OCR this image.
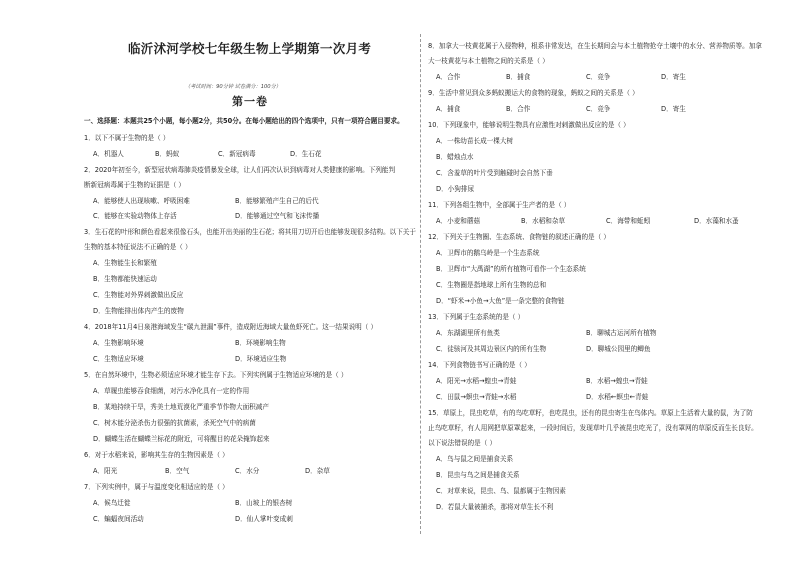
临沂沭河学校七年级生物上学期第一次月考
（考试时间：90分钟 试卷满分：100分）
第一卷
一、选择题：本题共25个小题，每小题2分，共50分。在每小题给出的四个选项中，只有一项符合题目要求。
1．以下不属于生物的是（ ）
A．机器人	B．蚂蚁	C．新冠病毒	D．生石花
2．2020年初至今，新型冠状病毒肺炎疫情暴发全球，让人们再次认识到病毒对人类健康的影响。下列能判
断新冠病毒属于生物的证据是（ ）
A．能够使人出现咳嗽、呼吸困难	B．能够繁殖产生自己的后代
C．能够在实验动物体上存活	D．能够通过空气和飞沫传播
3．生石花的叶形和颜色看起来很像石头，也能开出美丽的生石花；将其用刀切开后也能够发现很多结构。以下关于
生物的基本特征说法不正确的是（ ）
A．生物能生长和繁殖
B．生物都能快速运动
C．生物能对外界刺激做出反应
D．生物能排出体内产生的废物
4．2018年11月4日泉港海域发生“碳九泄漏”事件，造成附近海域大量鱼虾死亡。这一结果说明（ ）
A．生物影响环境	B．环境影响生物
C．生物适应环境	D．环境适应生物
5．在自然环境中，生物必须适应环境才能生存下去。下列实例属于生物适应环境的是（ ）
A．草履虫能够吞食细菌，对污水净化具有一定的作用
B．某地持续干旱，秀美土地荒漠化严重季节作物大面积减产
C．树木能分泌杀伤力很强的抗菌素，杀死空气中的病菌
D．蝴蝶生活在蝴蝶兰标花的附近，可将醒目的花朵掩饰起来
6．对于水稻来说，影响其生存的生物因素是（ ）
A．阳光	B．空气	C．水分	D．杂草
7．下列实例中，属于与温度变化相适应的是（ ）
A．候鸟迁徙	B．山坡上的银杏树
C．蝙蝠夜间活动	D．仙人掌叶变成刺
8．加拿大一枝黄花属于入侵物种，根系非常发达，在生长期间会与本土植物抢夺土壤中的水分、营养物质等。加拿
大一枝黄花与本土植物之间的关系是（ ）
A．合作	B．捕食	C．竞争	D．寄生
9．生活中常见到众多蚂蚁搬运大的食物的现象，蚂蚁之间的关系是（ ）
A．捕食	B．合作	C．竞争	D．寄生
10．下列现象中，能够说明生物具有应激性对刺激做出反应的是（ ）
A．一株幼苗长成一棵大树
B．蜡烛点水
C．含羞草的叶片受到触碰时会自然下垂
D．小狗排尿
11．下列各组生物中，全部属于生产者的是（ ）
A．小麦和蘑菇	B．水稻和杂草	C．海带和蚯蚓	D．水藻和水蚤
12．下列关于生物圈、生态系统、食物链的叙述正确的是（ ）
A．卫辉市的鹅乌岭是一个生态系统
B．卫辉市“大禹湖”的所有植物可看作一个生态系统
C．生物圈是指地球上所有生物的总和
D．“虾米→小鱼→大鱼”是一条完整的食物链
13．下列属于生态系统的是（ ）
A．东湖湖里所有鱼类	B．聊城古运河所有植物
C．徒骇河及其周边景区内的所有生物	D．聊城公园里的鲫鱼
14．下列食物链书写正确的是（ ）
A．阳光→水稻→蝗虫→青蛙	B．水稻→蝗虫→青蛙
C．田鼠→螟虫→青蛙→水稻	D．水稻←螟虫←青蛙
15．草原上，昆虫吃草，有的鸟吃草籽，也吃昆虫，还有的昆虫寄生在鸟体内。草原上生活着大量的鼠，为了防
止鸟吃草籽，有人用网把草原罩起来，一段时间后，发现草叶几乎被昆虫吃光了，没有罩网的草原反而生长良好。
以下说法错误的是（ ）
A．鸟与鼠之间是捕食关系
B．昆虫与鸟之间是捕食关系
C．对草来说，昆虫、鸟、鼠都属于生物因素
D．若鼠大量被捕杀，那将对草生长不利
